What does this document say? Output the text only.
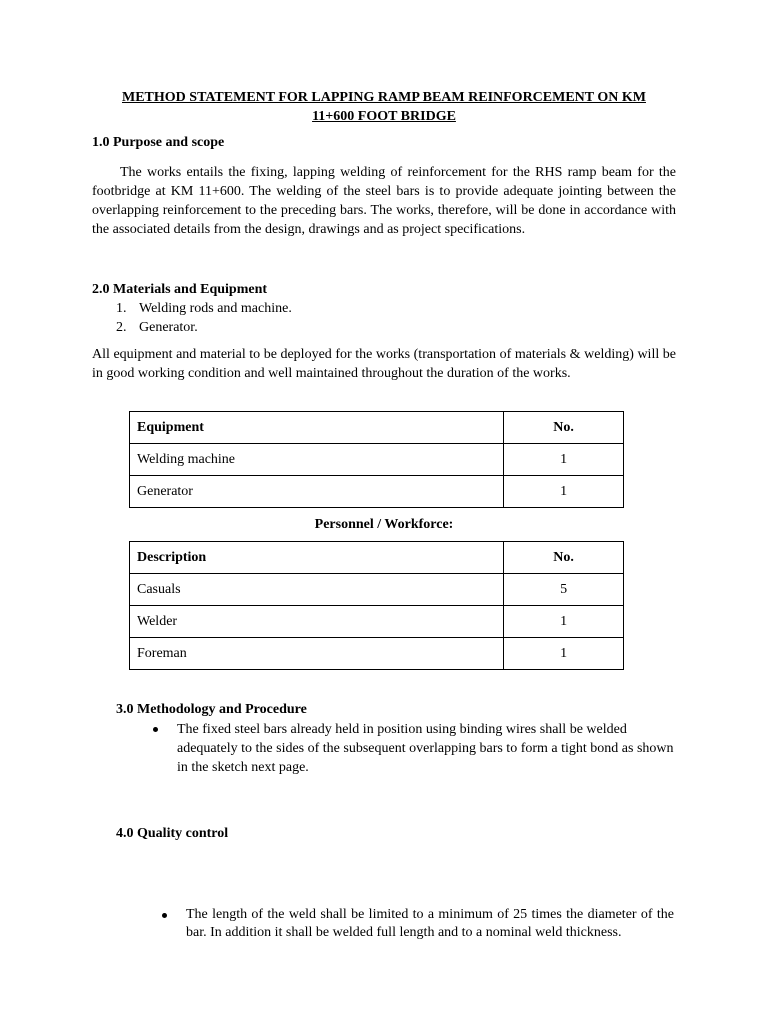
METHOD STATEMENT FOR LAPPING RAMP BEAM REINFORCEMENT ON KM
11+600 FOOT BRIDGE
1.0 Purpose and scope
The works entails the fixing, lapping welding of reinforcement for the RHS ramp beam for the footbridge at KM 11+600. The welding of the steel bars is to provide adequate jointing between the overlapping reinforcement to the preceding bars. The works, therefore, will be done in accordance with the associated details from the design, drawings and as project specifications.
2.0 Materials and Equipment
1. Welding rods and machine.
2. Generator.
All equipment and material to be deployed for the works (transportation of materials & welding) will be in good working condition and well maintained throughout the duration of the works.
Equipment	No.
Welding machine	1
Generator	1
Personnel / Workforce:
Description	No.
Casuals	5
Welder	1
Foreman	1
3.0 Methodology and Procedure
The fixed steel bars already held in position using binding wires shall be welded adequately to the sides of the subsequent overlapping bars to form a tight bond as shown in the sketch next page.
4.0 Quality control
The length of the weld shall be limited to a minimum of 25 times the diameter of the bar. In addition it shall be welded full length and to a nominal weld thickness.
